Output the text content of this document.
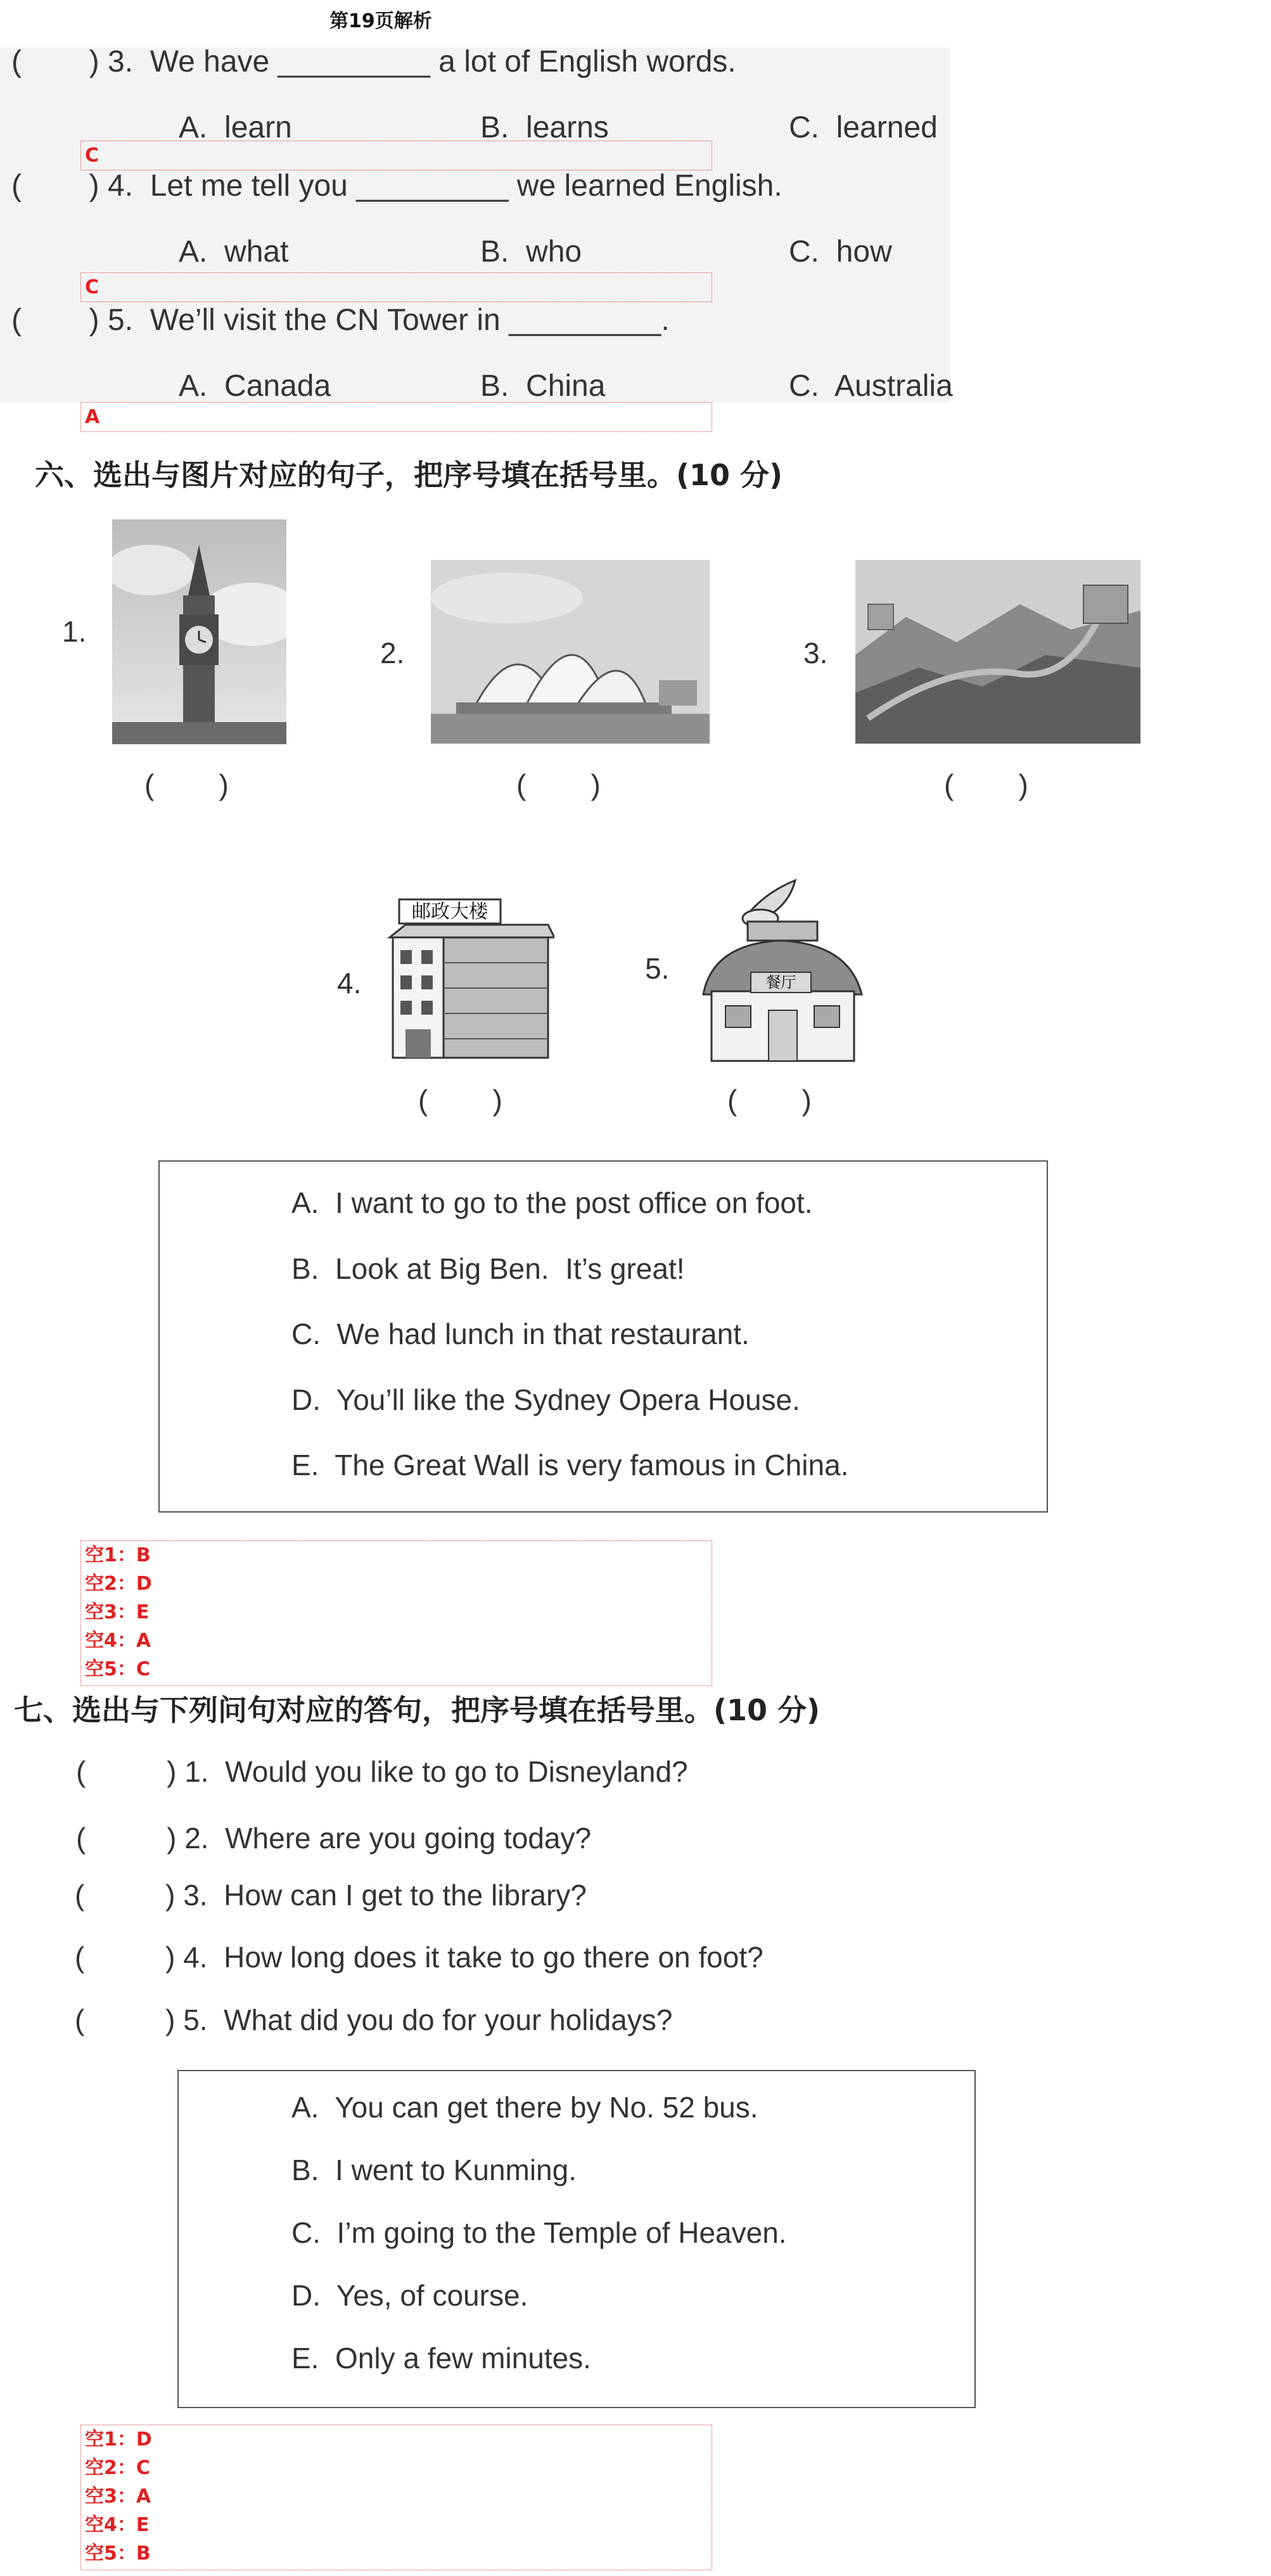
第19页解析
(        ) 3.  We have _________ a lot of English words.
A.  learn	B.  learns	C.  learned
C
(        ) 4.  Let me tell you _________ we learned English.
A.  what	B.  who	C.  how
C
(        ) 5.  We’ll visit the CN Tower in _________.
A.  Canada	B.  China	C.  Australia
A
六、选出与图片对应的句子，把序号填在括号里。(10 分)
1.
(        )
2.
(        )
3.
(        )
4.
邮政大楼
(        )
5.	餐厅
(        )
A.  I want to go to the post office on foot.
B.  Look at Big Ben.  It’s great!
C.  We had lunch in that restaurant.
D.  You’ll like the Sydney Opera House.
E.  The Great Wall is very famous in China.
空1：B
空2：D
空3：E
空4：A
空5：C
七、选出与下列问句对应的答句，把序号填在括号里。(10 分)
(          ) 1.  Would you like to go to Disneyland?
(          ) 2.  Where are you going today?
(          ) 3.  How can I get to the library?
(          ) 4.  How long does it take to go there on foot?
(          ) 5.  What did you do for your holidays?
A.  You can get there by No. 52 bus.
B.  I went to Kunming.
C.  I’m going to the Temple of Heaven.
D.  Yes, of course.
E.  Only a few minutes.
空1：D
空2：C
空3：A
空4：E
空5：B
